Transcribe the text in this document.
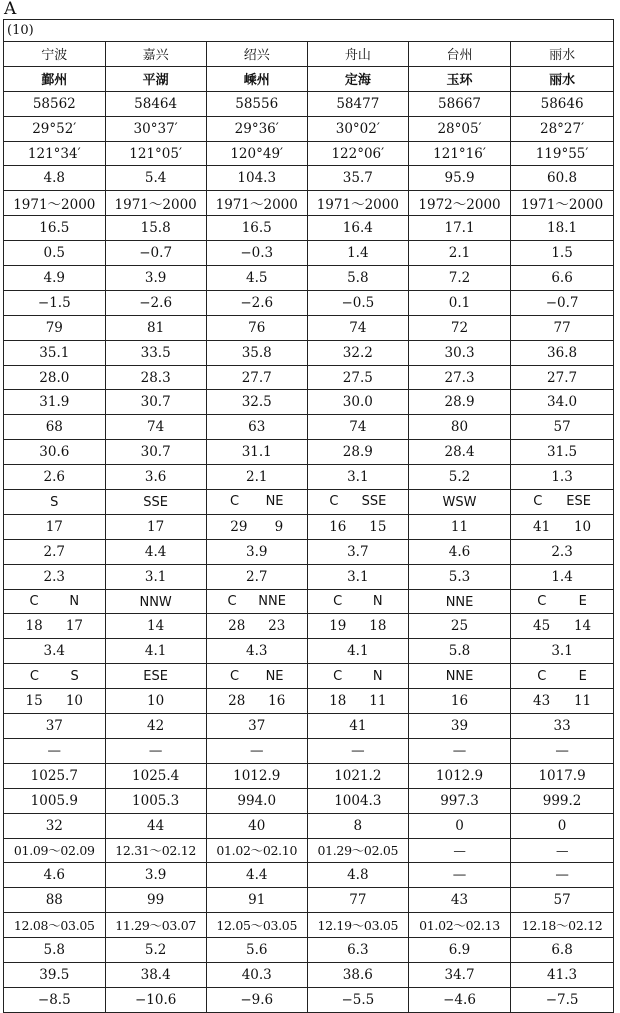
A
(10)
宁波	嘉兴	绍兴	舟山	台州	丽水
鄞州	平湖	嵊州	定海	玉环	丽水
58562	58464	58556	58477	58667	58646
29°52′	30°37′	29°36′	30°02′	28°05′	28°27′
121°34′	121°05′	120°49′	122°06′	121°16′	119°55′
4.8	5.4	104.3	35.7	95.9	60.8
1971～2000	1971～2000	1971～2000	1971～2000	1972～2000	1971～2000
16.5	15.8	16.5	16.4	17.1	18.1
0.5	−0.7	−0.3	1.4	2.1	1.5
4.9	3.9	4.5	5.8	7.2	6.6
−1.5	−2.6	−2.6	−0.5	0.1	−0.7
79	81	76	74	72	77
35.1	33.5	35.8	32.2	30.3	36.8
28.0	28.3	27.7	27.5	27.3	27.7
31.9	30.7	32.5	30.0	28.9	34.0
68	74	63	74	80	57
30.6	30.7	31.1	28.9	28.4	31.5
2.6	3.6	2.1	3.1	5.2	1.3

S	SSE	C NE	C SSE	WSW	C ESE

17	17	29 9	16 15	11	41 10

2.7	4.4	3.9	3.7	4.6	2.3
2.3	3.1	2.7	3.1	5.3	1.4

C N	NNW	C NNE	C N	NNE	C E

18 17	14	28 23	19 18	25	45 14

3.4	4.1	4.3	4.1	5.8	3.1

C S	ESE	C NE	C N	NNE	C E

15 10	10	28 16	18 11	16	43 11

37	42	37	41	39	33
—	—	—	—	—	—
1025.7	1025.4	1012.9	1021.2	1012.9	1017.9
1005.9	1005.3	994.0	1004.3	997.3	999.2
32	44	40	8	0	0
01.09～02.09	12.31～02.12	01.02～02.10	01.29～02.05	—	—
4.6	3.9	4.4	4.8	—	—
88	99	91	77	43	57
12.08～03.05	11.29～03.07	12.05～03.05	12.19～03.05	01.02～02.13	12.18～02.12
5.8	5.2	5.6	6.3	6.9	6.8
39.5	38.4	40.3	38.6	34.7	41.3
−8.5	−10.6	−9.6	−5.5	−4.6	−7.5
